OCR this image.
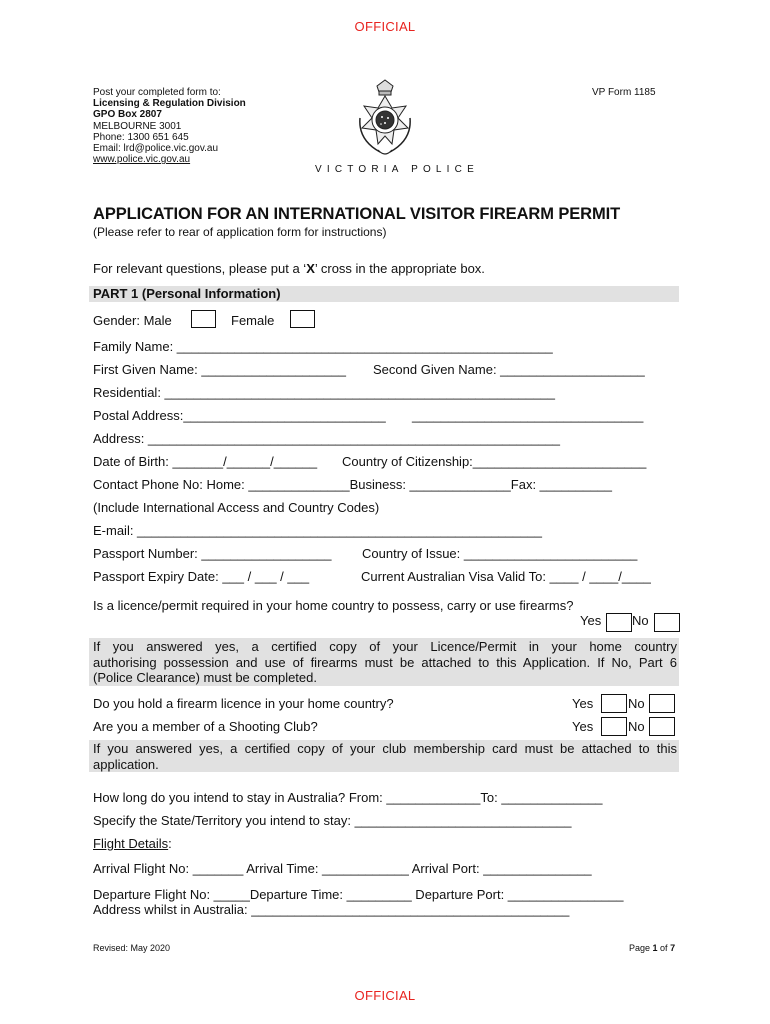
OFFICIAL
Post your completed form to:
Licensing & Regulation Division
GPO Box 2807
MELBOURNE 3001
Phone: 1300 651 645
Email: lrd@police.vic.gov.au
www.police.vic.gov.au
VP Form 1185
VICTORIA POLICE
APPLICATION FOR AN INTERNATIONAL VISITOR FIREARM PERMIT
(Please refer to rear of application form for instructions)
For relevant questions, please put a ‘X’ cross in the appropriate box.
PART 1 (Personal Information)
Gender: Male	Female
Family Name: ____________________________________________________
First Given Name: ____________________ Second Given Name: ____________________
Residential: ______________________________________________________
Postal Address:____________________________ ________________________________
Address: _________________________________________________________
Date of Birth: _______/______/______ Country of Citizenship:________________________
Contact Phone No: Home: ______________Business: ______________Fax: __________
(Include International Access and Country Codes)
E-mail: ________________________________________________________
Passport Number: __________________ Country of Issue: ________________________
Passport Expiry Date: ___ / ___ / ___	Current Australian Visa Valid To: ____ / ____/____
Is a licence/permit required in your home country to possess, carry or use firearms?
Yes No
If you answered yes, a certified copy of your Licence/Permit in your home country
authorising possession and use of firearms must be attached to this Application. If No, Part 6
(Police Clearance) must be completed.
Do you hold a firearm licence in your home country?	Yes	No
Are you a member of a Shooting Club?	Yes	No
If you answered yes, a certified copy of your club membership card must be attached to this
application.
How long do you intend to stay in Australia? From: _____________To: ______________
Specify the State/Territory you intend to stay: ______________________________
Flight Details:
Arrival Flight No: _______ Arrival Time: ____________ Arrival Port: _______________
Departure Flight No: _____Departure Time: _________ Departure Port: ________________
Address whilst in Australia: ____________________________________________
Revised: May 2020	Page 1 of 7
OFFICIAL
